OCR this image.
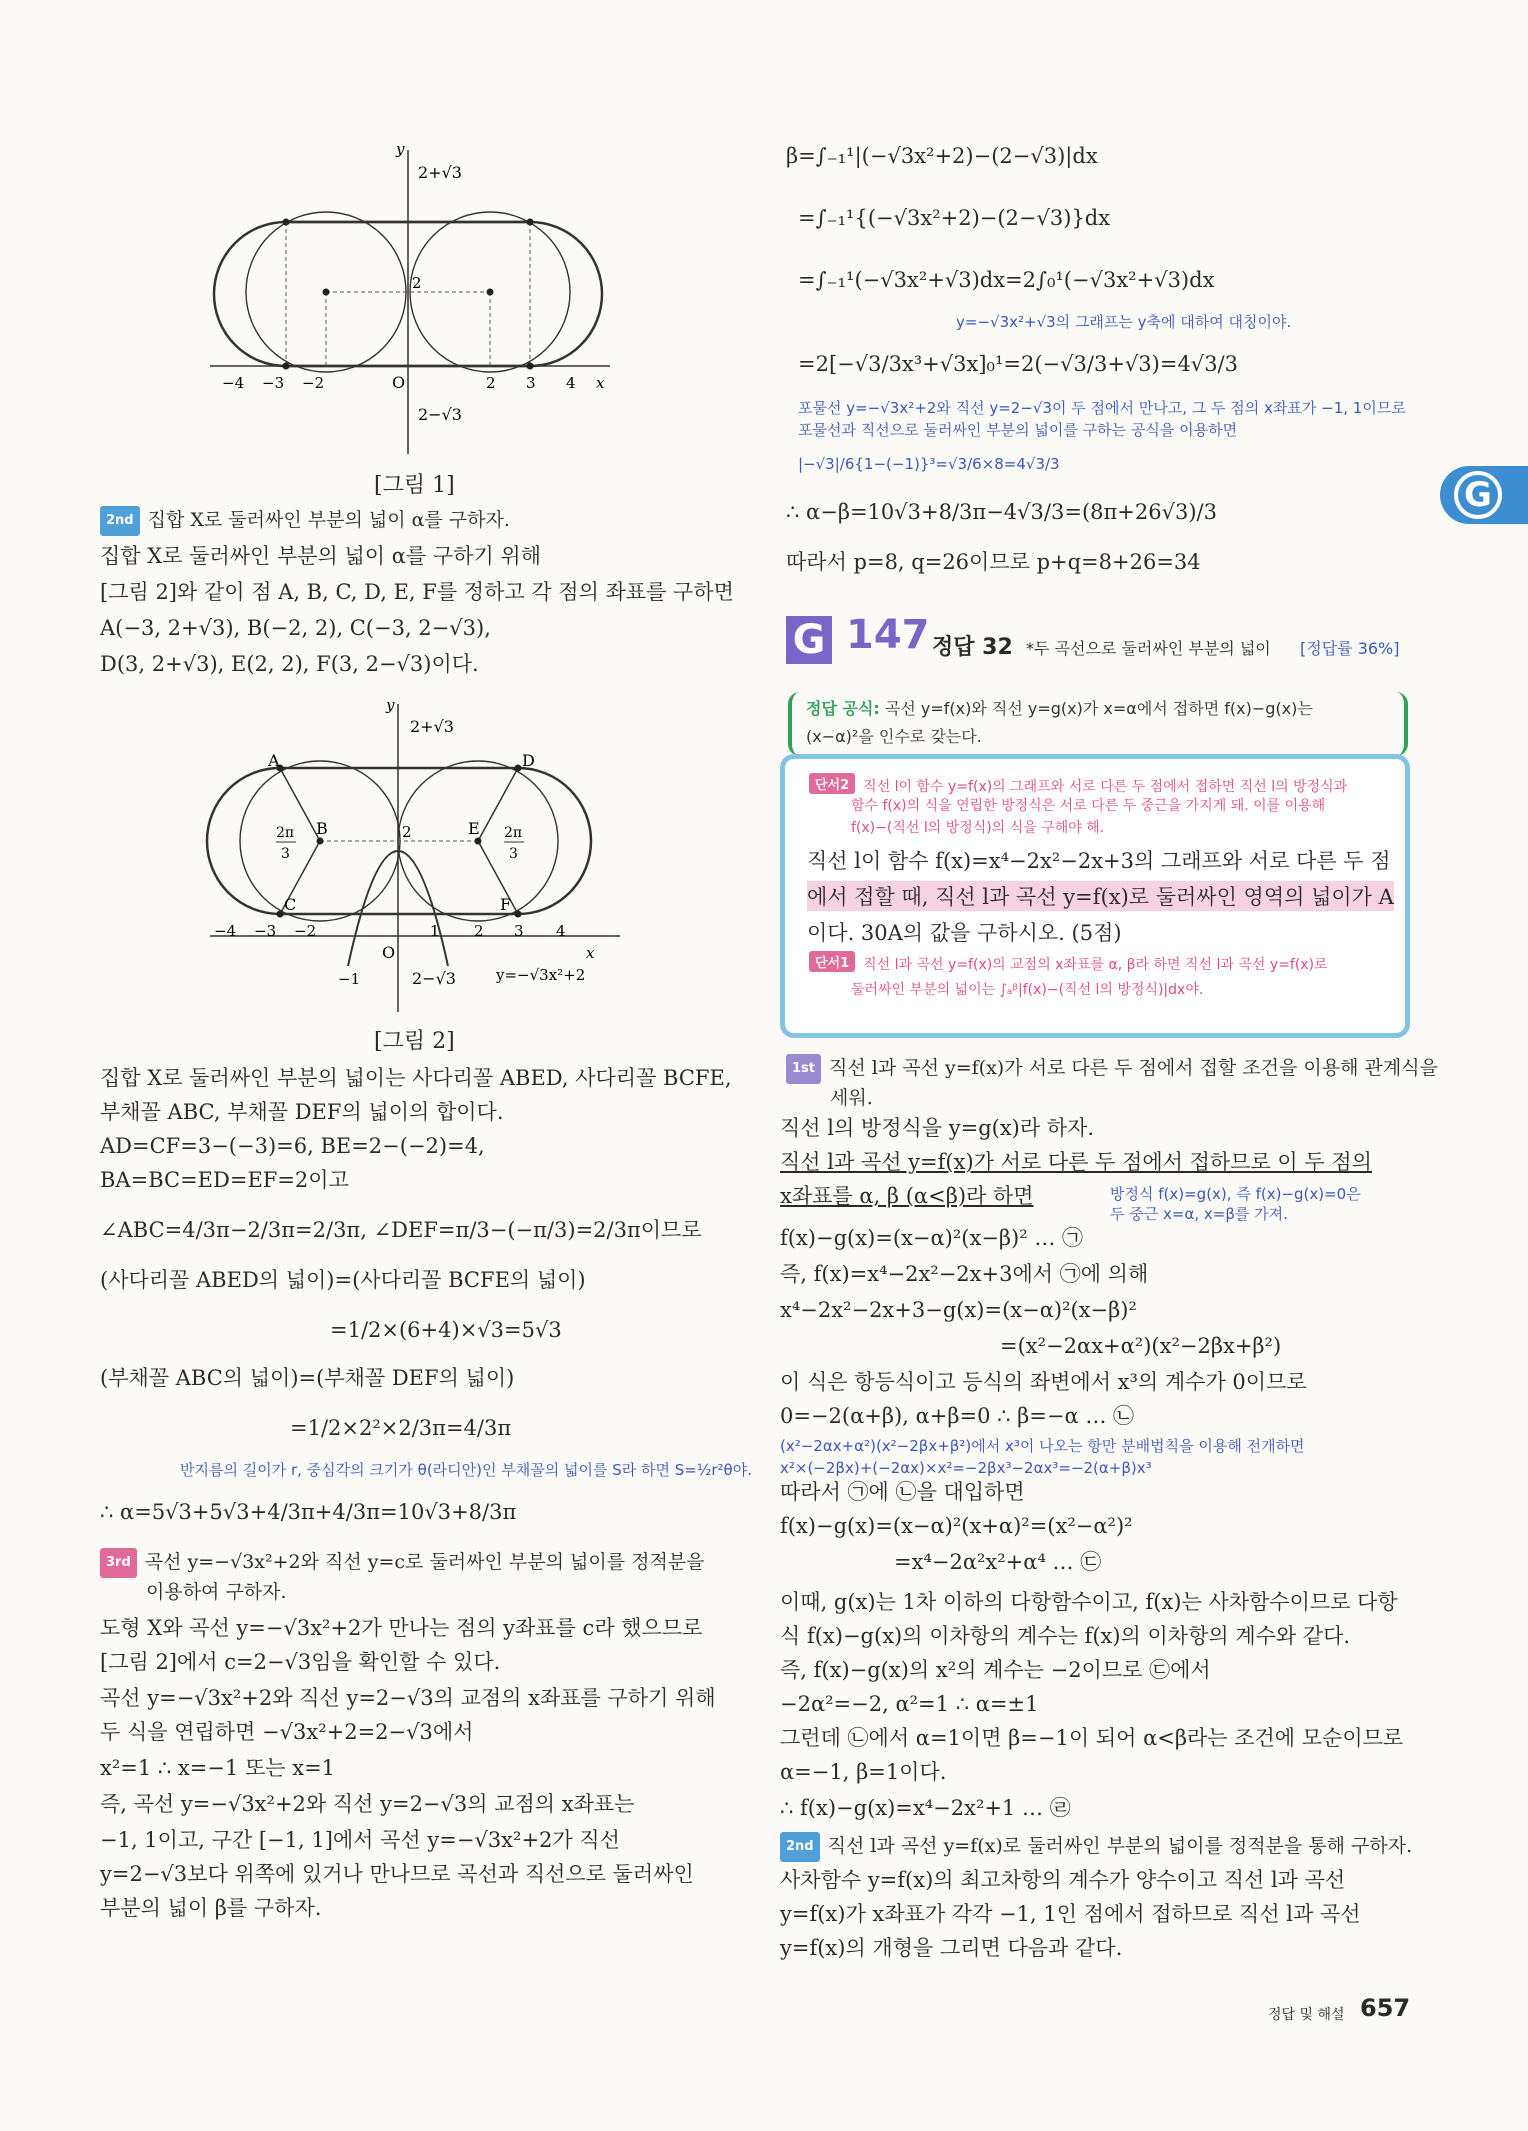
y
2+√3
2
2−√3
O	x
−4 −3 −2	2 3 4
[그림 1]
2nd 집합 X로 둘러싸인 부분의 넓이 α를 구하자.
집합 X로 둘러싸인 부분의 넓이 α를 구하기 위해
[그림 2]와 같이 점 A, B, C, D, E, F를 정하고 각 점의 좌표를 구하면
A(−3, 2+√3), B(−2, 2), C(−3, 2−√3),
D(3, 2+√3), E(2, 2), F(3, 2−√3)이다.
y
2+√3
A	D
B	E
C	F
2π
3
2π
3
2
O	x
−4 −3 −2	1 2 3 4
−1	2−√3	y=−√3x²+2
[그림 2]
집합 X로 둘러싸인 부분의 넓이는 사다리꼴 ABED, 사다리꼴 BCFE,
부채꼴 ABC, 부채꼴 DEF의 넓이의 합이다.
AD=CF=3−(−3)=6, BE=2−(−2)=4,
BA=BC=ED=EF=2이고
∠ABC=4/3π−2/3π=2/3π, ∠DEF=π/3−(−π/3)=2/3π이므로
(사다리꼴 ABED의 넓이)=(사다리꼴 BCFE의 넓이)
=1/2×(6+4)×√3=5√3
(부채꼴 ABC의 넓이)=(부채꼴 DEF의 넓이)
=1/2×2²×2/3π=4/3π
반지름의 길이가 r, 중심각의 크기가 θ(라디안)인 부채꼴의 넓이를 S라 하면 S=½r²θ야.
∴ α=5√3+5√3+4/3π+4/3π=10√3+8/3π
3rd 곡선 y=−√3x²+2와 직선 y=c로 둘러싸인 부분의 넓이를 정적분을
이용하여 구하자.
도형 X와 곡선 y=−√3x²+2가 만나는 점의 y좌표를 c라 했으므로
[그림 2]에서 c=2−√3임을 확인할 수 있다.
곡선 y=−√3x²+2와 직선 y=2−√3의 교점의 x좌표를 구하기 위해
두 식을 연립하면 −√3x²+2=2−√3에서
x²=1 ∴ x=−1 또는 x=1
즉, 곡선 y=−√3x²+2와 직선 y=2−√3의 교점의 x좌표는
−1, 1이고, 구간 [−1, 1]에서 곡선 y=−√3x²+2가 직선
y=2−√3보다 위쪽에 있거나 만나므로 곡선과 직선으로 둘러싸인
부분의 넓이 β를 구하자.
β=∫₋₁¹|(−√3x²+2)−(2−√3)|dx
=∫₋₁¹{(−√3x²+2)−(2−√3)}dx
=∫₋₁¹(−√3x²+√3)dx=2∫₀¹(−√3x²+√3)dx
y=−√3x²+√3의 그래프는 y축에 대하여 대칭이야.
=2[−√3/3x³+√3x]₀¹=2(−√3/3+√3)=4√3/3
포물선 y=−√3x²+2와 직선 y=2−√3이 두 점에서 만나고, 그 두 점의 x좌표가 −1, 1이므로
포물선과 직선으로 둘러싸인 부분의 넓이를 구하는 공식을 이용하면
|−√3|/6{1−(−1)}³=√3/6×8=4√3/3
∴ α−β=10√3+8/3π−4√3/3=(8π+26√3)/3
따라서 p=8, q=26이므로 p+q=8+26=34
G 147 정답 32 *두 곡선으로 둘러싸인 부분의 넓이 [정답률 36%]
정답 공식: 곡선 y=f(x)와 직선 y=g(x)가 x=α에서 접하면 f(x)−g(x)는
(x−α)²을 인수로 갖는다.
단서2 직선 l이 함수 y=f(x)의 그래프와 서로 다른 두 점에서 접하면 직선 l의 방정식과
함수 f(x)의 식을 연립한 방정식은 서로 다른 두 중근을 가지게 돼. 이를 이용해
f(x)−(직선 l의 방정식)의 식을 구해야 해.
직선 l이 함수 f(x)=x⁴−2x²−2x+3의 그래프와 서로 다른 두 점
에서 접할 때, 직선 l과 곡선 y=f(x)로 둘러싸인 영역의 넓이가 A
이다. 30A의 값을 구하시오. (5점)
단서1 직선 l과 곡선 y=f(x)의 교점의 x좌표를 α, β라 하면 직선 l과 곡선 y=f(x)로
둘러싸인 부분의 넓이는 ∫ₐᵝ|f(x)−(직선 l의 방정식)|dx야.
1st 직선 l과 곡선 y=f(x)가 서로 다른 두 점에서 접할 조건을 이용해 관계식을
세워.
직선 l의 방정식을 y=g(x)라 하자.
직선 l과 곡선 y=f(x)가 서로 다른 두 점에서 접하므로 이 두 점의
x좌표를 α, β (α<β)라 하면	방정식 f(x)=g(x), 즉 f(x)−g(x)=0은
두 중근 x=α, x=β를 가져.
f(x)−g(x)=(x−α)²(x−β)² … ㉠
즉, f(x)=x⁴−2x²−2x+3에서 ㉠에 의해
x⁴−2x²−2x+3−g(x)=(x−α)²(x−β)²
=(x²−2αx+α²)(x²−2βx+β²)
이 식은 항등식이고 등식의 좌변에서 x³의 계수가 0이므로
0=−2(α+β), α+β=0 ∴ β=−α … ㉡
(x²−2αx+α²)(x²−2βx+β²)에서 x³이 나오는 항만 분배법칙을 이용해 전개하면
x²×(−2βx)+(−2αx)×x²=−2βx³−2αx³=−2(α+β)x³
따라서 ㉠에 ㉡을 대입하면
f(x)−g(x)=(x−α)²(x+α)²=(x²−α²)²
=x⁴−2α²x²+α⁴ … ㉢
이때, g(x)는 1차 이하의 다항함수이고, f(x)는 사차함수이므로 다항
식 f(x)−g(x)의 이차항의 계수는 f(x)의 이차항의 계수와 같다.
즉, f(x)−g(x)의 x²의 계수는 −2이므로 ㉢에서
−2α²=−2, α²=1 ∴ α=±1
그런데 ㉡에서 α=1이면 β=−1이 되어 α<β라는 조건에 모순이므로
α=−1, β=1이다.
∴ f(x)−g(x)=x⁴−2x²+1 … ㉣
2nd 직선 l과 곡선 y=f(x)로 둘러싸인 부분의 넓이를 정적분을 통해 구하자.
사차함수 y=f(x)의 최고차항의 계수가 양수이고 직선 l과 곡선
y=f(x)가 x좌표가 각각 −1, 1인 점에서 접하므로 직선 l과 곡선
y=f(x)의 개형을 그리면 다음과 같다.
G
정답 및 해설 657
